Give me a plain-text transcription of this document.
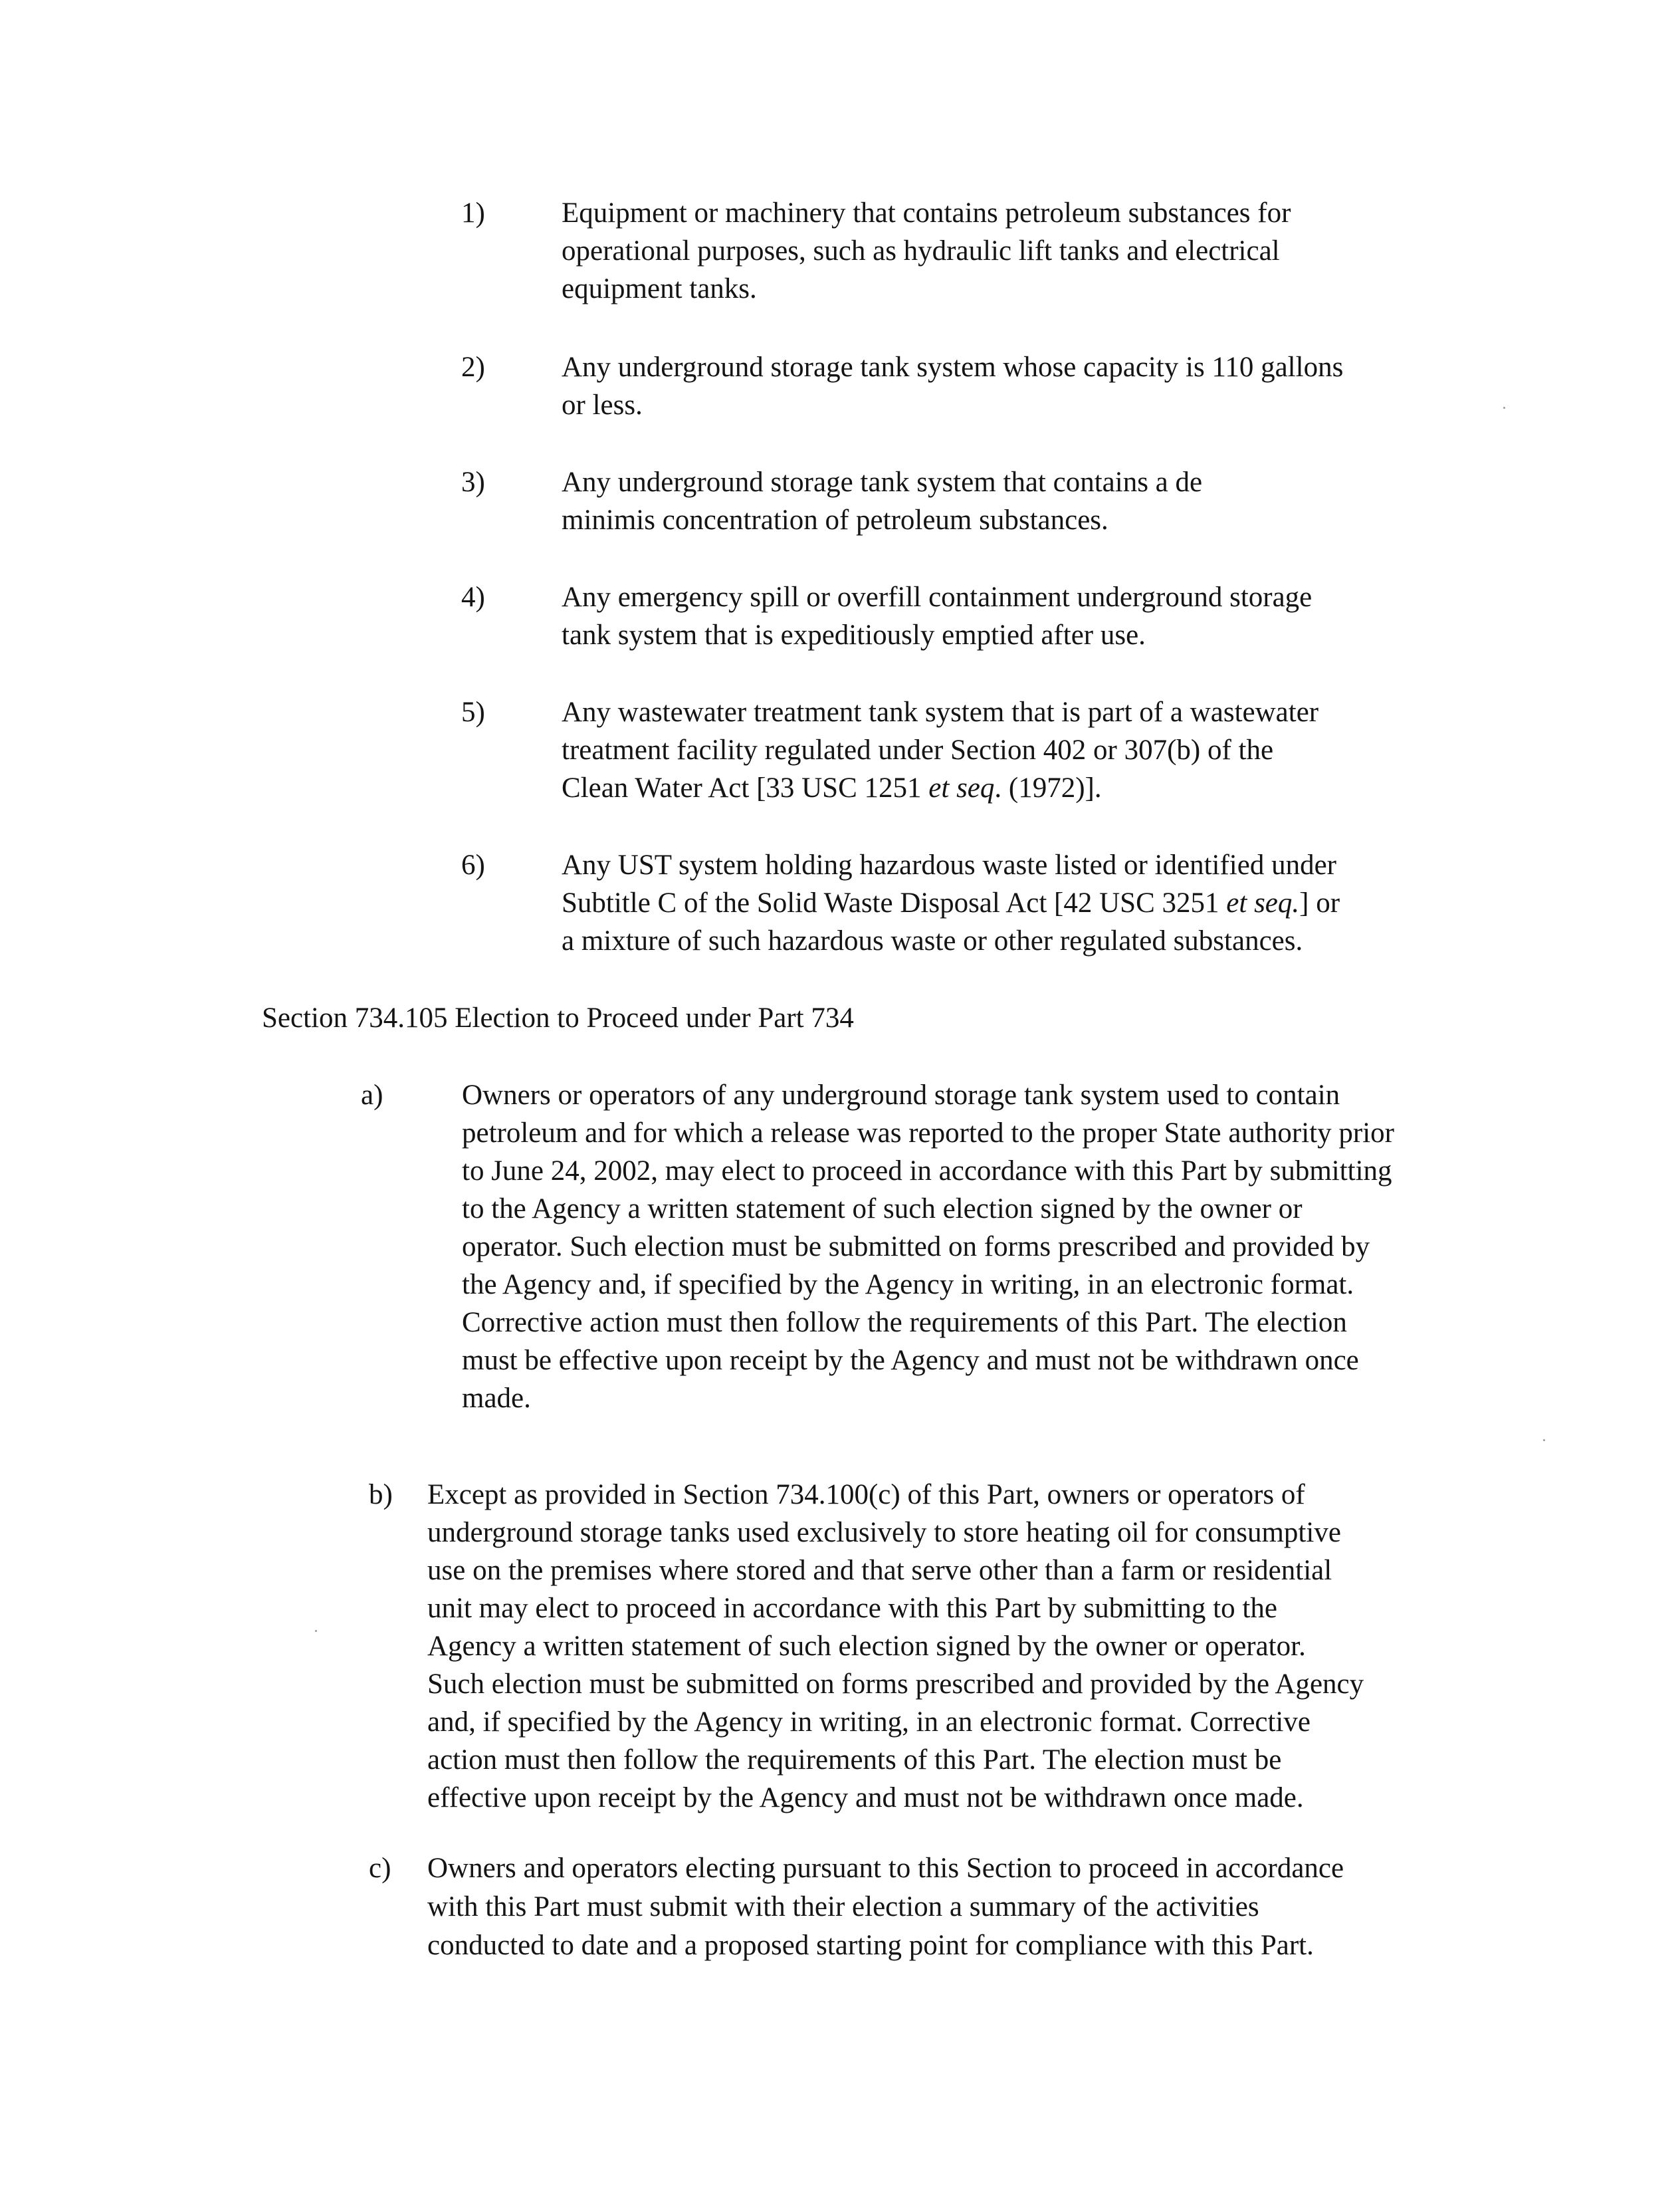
1)	Equipment or machinery that contains petroleum substances for
operational purposes, such as hydraulic lift tanks and electrical
equipment tanks.
2)	Any underground storage tank system whose capacity is 110 gallons
or less.
3)	Any underground storage tank system that contains a de
minimis concentration of petroleum substances.
4)	Any emergency spill or overfill containment underground storage
tank system that is expeditiously emptied after use.
5)	Any wastewater treatment tank system that is part of a wastewater
treatment facility regulated under Section 402 or 307(b) of the
Clean Water Act [33 USC 1251 et seq. (1972)].
6)	Any UST system holding hazardous waste listed or identified under
Subtitle C of the Solid Waste Disposal Act [42 USC 3251 et seq.] or
a mixture of such hazardous waste or other regulated substances.
Section 734.105 Election to Proceed under Part 734
a)	Owners or operators of any underground storage tank system used to contain
petroleum and for which a release was reported to the proper State authority prior
to June 24, 2002, may elect to proceed in accordance with this Part by submitting
to the Agency a written statement of such election signed by the owner or
operator. Such election must be submitted on forms prescribed and provided by
the Agency and, if specified by the Agency in writing, in an electronic format.
Corrective action must then follow the requirements of this Part. The election
must be effective upon receipt by the Agency and must not be withdrawn once
made.
b) Except as provided in Section 734.100(c) of this Part, owners or operators of
underground storage tanks used exclusively to store heating oil for consumptive
use on the premises where stored and that serve other than a farm or residential
unit may elect to proceed in accordance with this Part by submitting to the
Agency a written statement of such election signed by the owner or operator.
Such election must be submitted on forms prescribed and provided by the Agency
and, if specified by the Agency in writing, in an electronic format. Corrective
action must then follow the requirements of this Part. The election must be
effective upon receipt by the Agency and must not be withdrawn once made.
c) Owners and operators electing pursuant to this Section to proceed in accordance
with this Part must submit with their election a summary of the activities
conducted to date and a proposed starting point for compliance with this Part.
